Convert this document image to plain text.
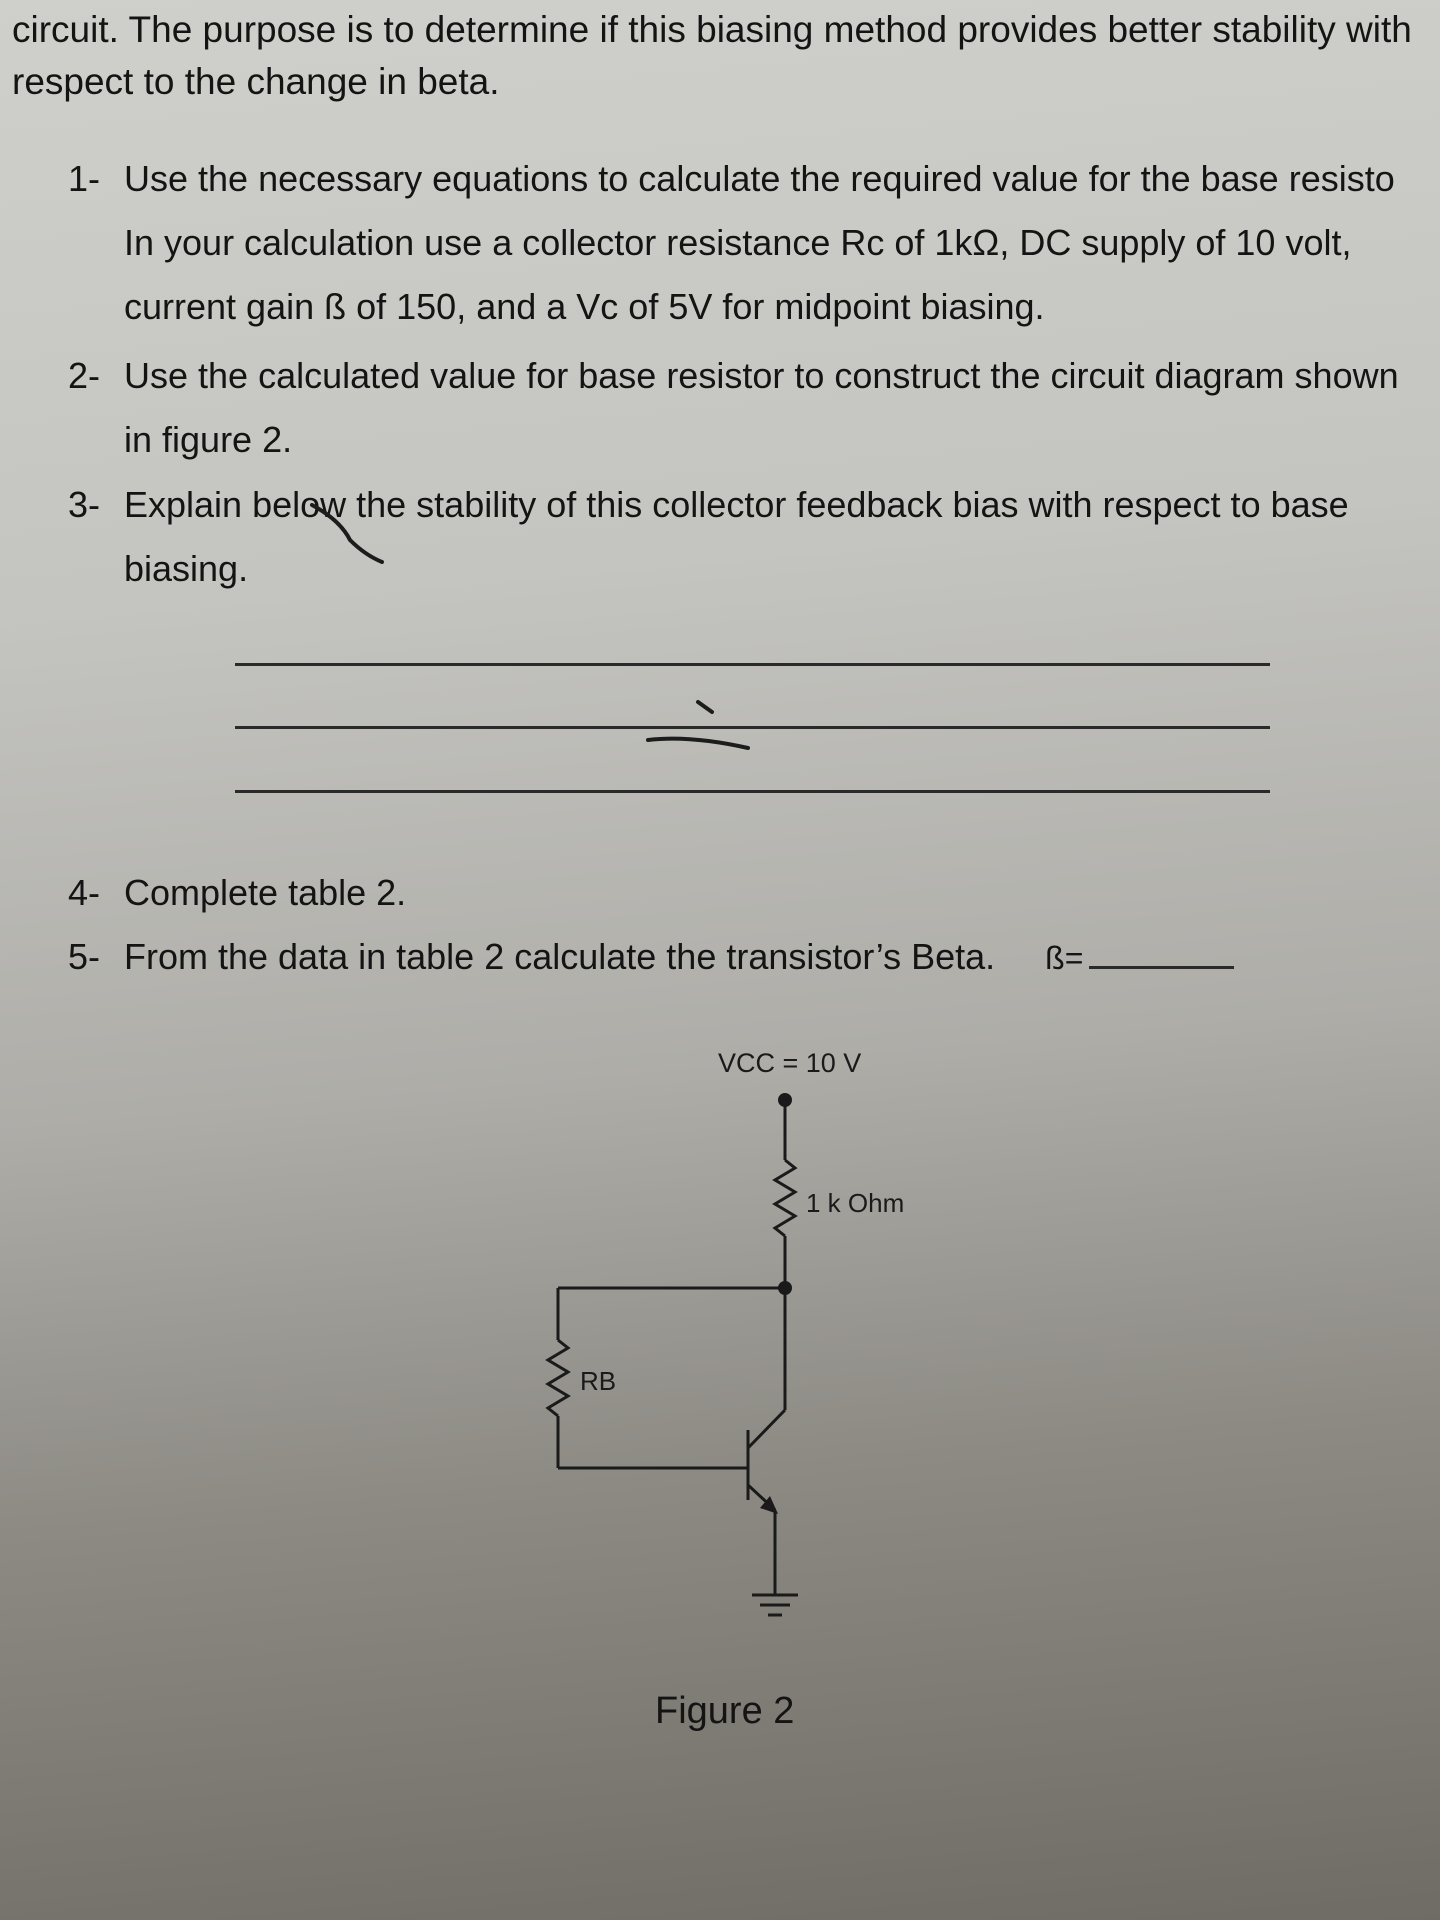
circuit. The purpose is to determine if this biasing method provides better stability with
respect to the change in beta.
1- Use the necessary equations to calculate the required value for the base resisto
In your calculation use a collector resistance Rᴄ of 1kΩ, DC supply of 10 volt,
current gain ß of 150, and a Vc of 5V for midpoint biasing.
2- Use the calculated value for base resistor to construct the circuit diagram shown
in figure 2.
3- Explain below the stability of this collector feedback bias with respect to base
biasing.
4- Complete table 2.
5- From the data in table 2 calculate the transistor’s Beta. ß=
VCC = 10 V
1 k Ohm
RB
Figure 2
